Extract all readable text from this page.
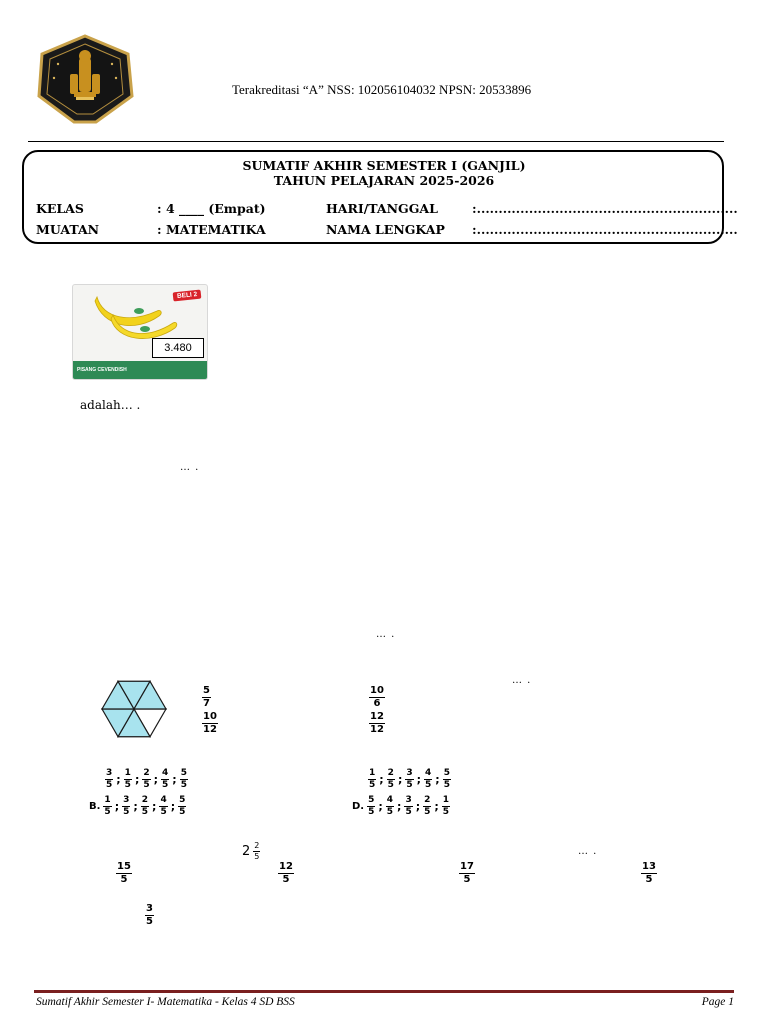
Terakreditasi “A” NSS: 102056104032 NPSN: 20533896
SUMATIF AKHIR SEMESTER I (GANJIL)
TAHUN PELAJARAN 2025-2026
KELAS	: 4 ____ (Empat)	HARI/TANGGAL	:............................................................
MUATAN	: MATEMATIKA	NAMA LENGKAP :............................................................
BELI 2
PISANG CEVENDISH
3.480
adalah… .
… .
… .
… .
$\frac{5}{7}$
$\frac{10}{12}$
$\frac{10}{6}$
$\frac{12}{12}$
$\frac{3}{5}$ ; $\frac{1}{5}$ ; $\frac{2}{5}$ ; $\frac{4}{5}$ ; $\frac{5}{5}$
B. $\frac{1}{5}$ ; $\frac{3}{5}$ ; $\frac{2}{5}$ ; $\frac{4}{5}$ ; $\frac{5}{5}$
$\frac{1}{5}$ ; $\frac{2}{5}$ ; $\frac{3}{5}$ ; $\frac{4}{5}$ ; $\frac{5}{5}$
D. $\frac{5}{5}$ ; $\frac{4}{5}$ ; $\frac{3}{5}$ ; $\frac{2}{5}$ ; $\frac{1}{5}$
$2 \frac{2}{5}$	… .
$\frac{15}{5}$	$\frac{12}{5}$	$\frac{17}{5}$	$\frac{13}{5}$
$\frac{3}{5}$
Sumatif Akhir Semester I- Matematika - Kelas 4 SD BSS	Page 1
